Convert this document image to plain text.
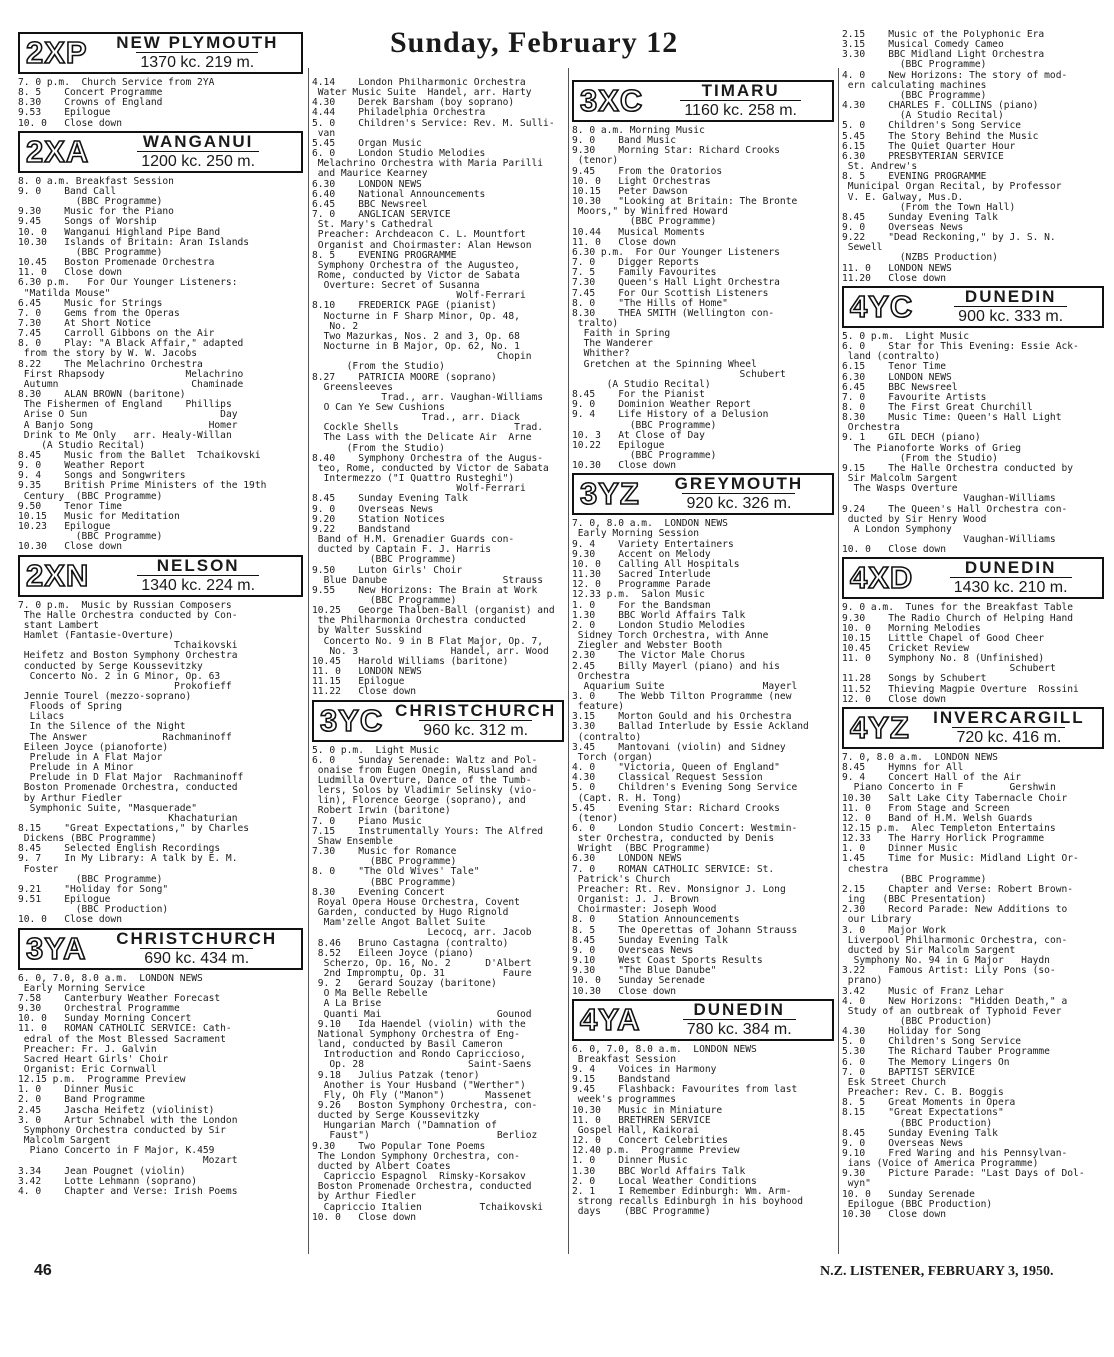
Sunday, February 12
2XP	NEW PLYMOUTH
1370 kc. 219 m.
7. 0 p.m.  Church Service from 2YA
8. 5    Concert Programme
8.30    Crowns of England
9.53    Epilogue
10. 0   Close down
2XA	WANGANUI
1200 kc. 250 m.
8. 0 a.m. Breakfast Session
9. 0    Band Call
(BBC Programme)
9.30    Music for the Piano
9.45    Songs of Worship
10. 0   Wanganui Highland Pipe Band
10.30   Islands of Britain: Aran Islands
(BBC Programme)
10.45   Boston Promenade Orchestra
11. 0   Close down
6.30 p.m.   For Our Younger Listeners:
"Matilda Mouse"
6.45    Music for Strings
7. 0    Gems from the Operas
7.30    At Short Notice
7.45    Carroll Gibbons on the Air
8. 0    Play: "A Black Affair," adapted
from the story by W. W. Jacobs
8.22    The Melachrino Orchestra
First Rhapsody              Melachrino
Autumn                       Chaminade
8.30    ALAN BROWN (baritone)
The Fishermen of England    Phillips
Arise O Sun                       Day
A Banjo Song                    Homer
Drink to Me Only   arr. Healy-Willan
(A Studio Recital)
8.45    Music from the Ballet  Tchaikovski
9. 0    Weather Report
9. 4    Songs and Songwriters
9.35    British Prime Ministers of the 19th
Century  (BBC Programme)
9.50    Tenor Time
10.15   Music for Meditation
10.23   Epilogue
(BBC Programme)
10.30   Close down
2XN	NELSON
1340 kc. 224 m.
7. 0 p.m.  Music by Russian Composers
The Halle Orchestra conducted by Con-
stant Lambert
Hamlet (Fantasie-Overture)
Tchaikovski
Heifetz and Boston Symphony Orchestra
conducted by Serge Koussevitzky
Concerto No. 2 in G Minor, Op. 63
Prokofieff
Jennie Tourel (mezzo-soprano)
Floods of Spring
Lilacs
In the Silence of the Night
The Answer             Rachmaninoff
Eileen Joyce (pianoforte)
Prelude in A Flat Major
Prelude in A Minor
Prelude in D Flat Major  Rachmaninoff
Boston Promenade Orchestra, conducted
by Arthur Fiedler
Symphonic Suite, "Masquerade"
Khachaturian
8.15    "Great Expectations," by Charles
Dickens (BBC Programme)
8.45    Selected English Recordings
9. 7    In My Library: A talk by E. M.
Foster
(BBC Programme)
9.21    "Holiday for Song"
9.51    Epilogue
(BBC Production)
10. 0   Close down
3YA	CHRISTCHURCH
690 kc. 434 m.
6. 0, 7.0, 8.0 a.m.  LONDON NEWS
Early Morning Service
7.58    Canterbury Weather Forecast
9.30    Orchestral Programme
10. 0   Sunday Morning Concert
11. 0   ROMAN CATHOLIC SERVICE: Cath-
edral of the Most Blessed Sacrament
Preacher: Fr. J. Galvin
Sacred Heart Girls' Choir
Organist: Eric Cornwall
12.15 p.m.  Programme Preview
1. 0    Dinner Music
2. 0    Band Programme
2.45    Jascha Heifetz (violinist)
3. 0    Artur Schnabel with the London
Symphony Orchestra conducted by Sir
Malcolm Sargent
Piano Concerto in F Major, K.459
Mozart
3.34    Jean Pougnet (violin)
3.42    Lotte Lehmann (soprano)
4. 0    Chapter and Verse: Irish Poems
4.14    London Philharmonic Orchestra
Water Music Suite  Handel, arr. Harty
4.30    Derek Barsham (boy soprano)
4.44    Philadelphia Orchestra
5. 0    Children's Service: Rev. M. Sulli-
van
5.45    Organ Music
6. 0    London Studio Melodies
Melachrino Orchestra with Maria Parilli
and Maurice Kearney
6.30    LONDON NEWS
6.40    National Announcements
6.45    BBC Newsreel
7. 0    ANGLICAN SERVICE
St. Mary's Cathedral
Preacher: Archdeacon C. L. Mountfort
Organist and Choirmaster: Alan Hewson
8. 5    EVENING PROGRAMME
Symphony Orchestra of the Augusteo,
Rome, conducted by Victor de Sabata
Overture: Secret of Susanna
Wolf-Ferrari
8.10    FREDERICK PAGE (pianist)
Nocturne in F Sharp Minor, Op. 48,
No. 2
Two Mazurkas, Nos. 2 and 3, Op. 68
Nocturne in B Major, Op. 62, No. 1
Chopin
(From the Studio)
8.27    PATRICIA MOORE (soprano)
Greensleeves
Trad., arr. Vaughan-Williams
O Can Ye Sew Cushions
Trad., arr. Diack
Cockle Shells                    Trad.
The Lass with the Delicate Air  Arne
(From the Studio)
8.40    Symphony Orchestra of the Augus-
teo, Rome, conducted by Victor de Sabata
Intermezzo ("I Quattro Rusteghi")
Wolf-Ferrari
8.45    Sunday Evening Talk
9. 0    Overseas News
9.20    Station Notices
9.22    Bandstand
Band of H.M. Grenadier Guards con-
ducted by Captain F. J. Harris
(BBC Programme)
9.50    Luton Girls' Choir
Blue Danube                    Strauss
9.55    New Horizons: The Brain at Work
(BBC Programme)
10.25   George Thalben-Ball (organist) and
the Philharmonia Orchestra conducted
by Walter Susskind
Concerto No. 9 in B Flat Major, Op. 7,
No. 3                Handel, arr. Wood
10.45   Harold Williams (baritone)
11. 0   LONDON NEWS
11.15   Epilogue
11.22   Close down
3YC CHRISTCHURCH
960 kc. 312 m.
5. 0 p.m.  Light Music
6. 0    Sunday Serenade: Waltz and Pol-
onaise from Eugen Onegin, Russland and
Ludmilla Overture, Dance of the Tumb-
lers, Solos by Vladimir Selinsky (vio-
lin), Florence George (soprano), and
Robert Irwin (baritone)
7. 0    Piano Music
7.15    Instrumentally Yours: The Alfred
Shaw Ensemble
7.30    Music for Romance
(BBC Programme)
8. 0    "The Old Wives' Tale"
(BBC Programme)
8.30    Evening Concert
Royal Opera House Orchestra, Covent
Garden, conducted by Hugo Rignold
Mam'zelle Angot Ballet Suite
Lecocq, arr. Jacob
8.46   Bruno Castagna (contralto)
8.52   Eileen Joyce (piano)
Scherzo, Op. 16, No. 2      D'Albert
2nd Impromptu, Op. 31          Faure
9. 2   Gerard Souzay (baritone)
O Ma Belle Rebelle
A La Brise
Quanti Mai                    Gounod
9.10   Ida Haendel (violin) with the
National Symphony Orchestra of Eng-
land, conducted by Basil Cameron
Introduction and Rondo Capriccioso,
Op. 28                  Saint-Saens
9.18   Julius Patzak (tenor)
Another is Your Husband ("Werther")
Fly, Oh Fly ("Manon")       Massenet
9.26   Boston Symphony Orchestra, con-
ducted by Serge Koussevitzky
Hungarian March ("Damnation of
Faust")                      Berlioz
9.30    Two Popular Tone Poems
The London Symphony Orchestra, con-
ducted by Albert Coates
Capriccio Espagnol  Rimsky-Korsakov
Boston Promenade Orchestra, conducted
by Arthur Fiedler
Capriccio Italien          Tchaikovski
10. 0   Close down
3XC	TIMARU
1160 kc. 258 m.
8. 0 a.m. Morning Music
9. 0    Band Music
9.30    Morning Star: Richard Crooks
(tenor)
9.45    From the Oratorios
10. 0   Light Orchestras
10.15   Peter Dawson
10.30   "Looking at Britain: The Bronte
Moors," by Winifred Howard
(BBC Programme)
10.44   Musical Moments
11. 0   Close down
6.30 p.m.  For Our Younger Listeners
7. 0    Digger Reports
7. 5    Family Favourites
7.30    Queen's Hall Light Orchestra
7.45    For Our Scottish Listeners
8. 0    "The Hills of Home"
8.30    THEA SMITH (Wellington con-
tralto)
Faith in Spring
The Wanderer
Whither?
Gretchen at the Spinning Wheel
Schubert
(A Studio Recital)
8.45    For the Pianist
9. 0    Dominion Weather Report
9. 4    Life History of a Delusion
(BBC Programme)
10. 3   At Close of Day
10.22   Epilogue
(BBC Programme)
10.30   Close down
3YZ	GREYMOUTH
920 kc. 326 m.
7. 0, 8.0 a.m.  LONDON NEWS
Early Morning Session
9. 4    Variety Entertainers
9.30    Accent on Melody
10. 0   Calling All Hospitals
11.30   Sacred Interlude
12. 0   Programme Parade
12.33 p.m.  Salon Music
1. 0    For the Bandsman
1.30    BBC World Affairs Talk
2. 0    London Studio Melodies
Sidney Torch Orchestra, with Anne
Ziegler and Webster Booth
2.30    The Victor Male Chorus
2.45    Billy Mayerl (piano) and his
Orchestra
Aquarium Suite                 Mayerl
3. 0    The Webb Tilton Programme (new
feature)
3.15    Morton Gould and his Orchestra
3.30    Ballad Interlude by Essie Ackland
(contralto)
3.45    Mantovani (violin) and Sidney
Torch (organ)
4. 0    "Victoria, Queen of England"
4.30    Classical Request Session
5. 0    Children's Evening Song Service
(Capt. R. H. Tong)
5.45    Evening Star: Richard Crooks
(tenor)
6. 0    London Studio Concert: Westmin-
ster Orchestra, conducted by Denis
Wright  (BBC Programme)
6.30    LONDON NEWS
7. 0    ROMAN CATHOLIC SERVICE: St.
Patrick's Church
Preacher: Rt. Rev. Monsignor J. Long
Organist: J. J. Brown
Choirmaster: Joseph Wood
8. 0    Station Announcements
8. 5    The Operettas of Johann Strauss
8.45    Sunday Evening Talk
9. 0    Overseas News
9.10    West Coast Sports Results
9.30    "The Blue Danube"
10. 0   Sunday Serenade
10.30   Close down
4YA	DUNEDIN
780 kc. 384 m.
6. 0, 7.0, 8.0 a.m.  LONDON NEWS
Breakfast Session
9. 4    Voices in Harmony
9.15    Bandstand
9.45    Flashback: Favourites from last
week's programmes
10.30   Music in Miniature
11. 0   BRETHREN SERVICE
Gospel Hall, Kaikorai
12. 0   Concert Celebrities
12.40 p.m.  Programme Preview
1. 0    Dinner Music
1.30    BBC World Affairs Talk
2. 0    Local Weather Conditions
2. 1    I Remember Edinburgh: Wm. Arm-
strong recalls Edinburgh in his boyhood
days    (BBC Programme)
2.15    Music of the Polyphonic Era
3.15    Musical Comedy Cameo
3.30    BBC Midland Light Orchestra
(BBC Programme)
4. 0    New Horizons: The story of mod-
ern calculating machines
(BBC Programme)
4.30    CHARLES F. COLLINS (piano)
(A Studio Recital)
5. 0    Children's Song Service
5.45    The Story Behind the Music
6.15    The Quiet Quarter Hour
6.30    PRESBYTERIAN SERVICE
St. Andrew's
8. 5    EVENING PROGRAMME
Municipal Organ Recital, by Professor
V. E. Galway, Mus.D.
(From the Town Hall)
8.45    Sunday Evening Talk
9. 0    Overseas News
9.22    "Dead Reckoning," by J. S. N.
Sewell
(NZBS Production)
11. 0   LONDON NEWS
11.20   Close down
4YC	DUNEDIN
900 kc. 333 m.
5. 0 p.m.  Light Music
6. 0    Star for This Evening: Essie Ack-
land (contralto)
6.15    Tenor Time
6.30    LONDON NEWS
6.45    BBC Newsreel
7. 0    Favourite Artists
8. 0    The First Great Churchill
8.30    Music Time: Queen's Hall Light
Orchestra
9. 1    GIL DECH (piano)
The Pianoforte Works of Grieg
(From the Studio)
9.15    The Halle Orchestra conducted by
Sir Malcolm Sargent
The Wasps Overture
Vaughan-Williams
9.24    The Queen's Hall Orchestra con-
ducted by Sir Henry Wood
A London Symphony
Vaughan-Williams
10. 0   Close down
4XD	DUNEDIN
1430 kc. 210 m.
9. 0 a.m.  Tunes for the Breakfast Table
9.30    The Radio Church of Helping Hand
10. 0   Morning Melodies
10.15   Little Chapel of Good Cheer
10.45   Cricket Review
11. 0   Symphony No. 8 (Unfinished)
Schubert
11.28   Songs by Schubert
11.52   Thieving Magpie Overture  Rossini
12. 0   Close down
4YZ	INVERCARGILL
720 kc. 416 m.
7. 0, 8.0 a.m.  LONDON NEWS
8.45    Hymns for All
9. 4    Concert Hall of the Air
Piano Concerto in F        Gershwin
10.30   Salt Lake City Tabernacle Choir
11. 0   From Stage and Screen
12. 0   Band of H.M. Welsh Guards
12.15 p.m.  Alec Templeton Entertains
12.33   The Harry Horlick Programme
1. 0    Dinner Music
1.45    Time for Music: Midland Light Or-
chestra
(BBC Programme)
2.15    Chapter and Verse: Robert Brown-
ing   (BBC Presentation)
2.30    Record Parade: New Additions to
our Library
3. 0    Major Work
Liverpool Philharmonic Orchestra, con-
ducted by Sir Malcolm Sargent
Symphony No. 94 in G Major   Haydn
3.22    Famous Artist: Lily Pons (so-
prano)
3.42    Music of Franz Lehar
4. 0    New Horizons: "Hidden Death," a
Study of an outbreak of Typhoid Fever
(BBC Production)
4.30    Holiday for Song
5. 0    Children's Song Service
5.30    The Richard Tauber Programme
6. 0    The Memory Lingers On
7. 0    BAPTIST SERVICE
Esk Street Church
Preacher: Rev. C. B. Boggis
8. 5    Great Moments in Opera
8.15    "Great Expectations"
(BBC Production)
8.45    Sunday Evening Talk
9. 0    Overseas News
9.10    Fred Waring and his Pennsylvan-
ians (Voice of America Programme)
9.30    Picture Parade: "Last Days of Dol-
wyn"
10. 0   Sunday Serenade
Epilogue (BBC Production)
10.30   Close down
46	N.Z. LISTENER, FEBRUARY 3, 1950.
